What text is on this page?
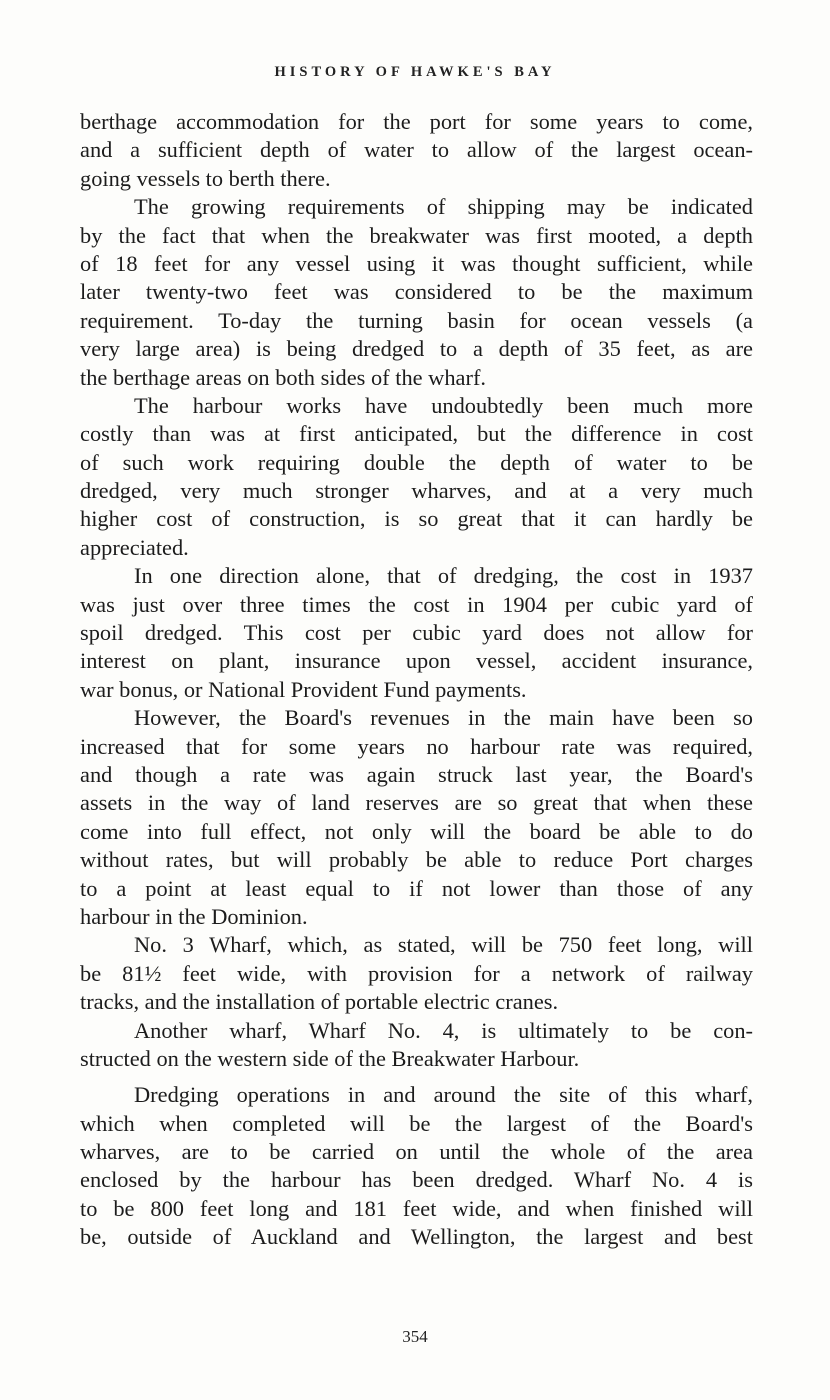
HISTORY OF HAWKE'S BAY
berthage accommodation for the port for some years to come,
and a sufficient depth of water to allow of the largest ocean-
going vessels to berth there.
The growing requirements of shipping may be indicated
by the fact that when the breakwater was first mooted, a depth
of 18 feet for any vessel using it was thought sufficient, while
later twenty-two feet was considered to be the maximum
requirement. To-day the turning basin for ocean vessels (a
very large area) is being dredged to a depth of 35 feet, as are
the berthage areas on both sides of the wharf.
The harbour works have undoubtedly been much more
costly than was at first anticipated, but the difference in cost
of such work requiring double the depth of water to be
dredged, very much stronger wharves, and at a very much
higher cost of construction, is so great that it can hardly be
appreciated.
In one direction alone, that of dredging, the cost in 1937
was just over three times the cost in 1904 per cubic yard of
spoil dredged. This cost per cubic yard does not allow for
interest on plant, insurance upon vessel, accident insurance,
war bonus, or National Provident Fund payments.
However, the Board's revenues in the main have been so
increased that for some years no harbour rate was required,
and though a rate was again struck last year, the Board's
assets in the way of land reserves are so great that when these
come into full effect, not only will the board be able to do
without rates, but will probably be able to reduce Port charges
to a point at least equal to if not lower than those of any
harbour in the Dominion.
No. 3 Wharf, which, as stated, will be 750 feet long, will
be 81½ feet wide, with provision for a network of railway
tracks, and the installation of portable electric cranes.
Another wharf, Wharf No. 4, is ultimately to be con-
structed on the western side of the Breakwater Harbour.
Dredging operations in and around the site of this wharf,
which when completed will be the largest of the Board's
wharves, are to be carried on until the whole of the area
enclosed by the harbour has been dredged. Wharf No. 4 is
to be 800 feet long and 181 feet wide, and when finished will
be, outside of Auckland and Wellington, the largest and best
354
